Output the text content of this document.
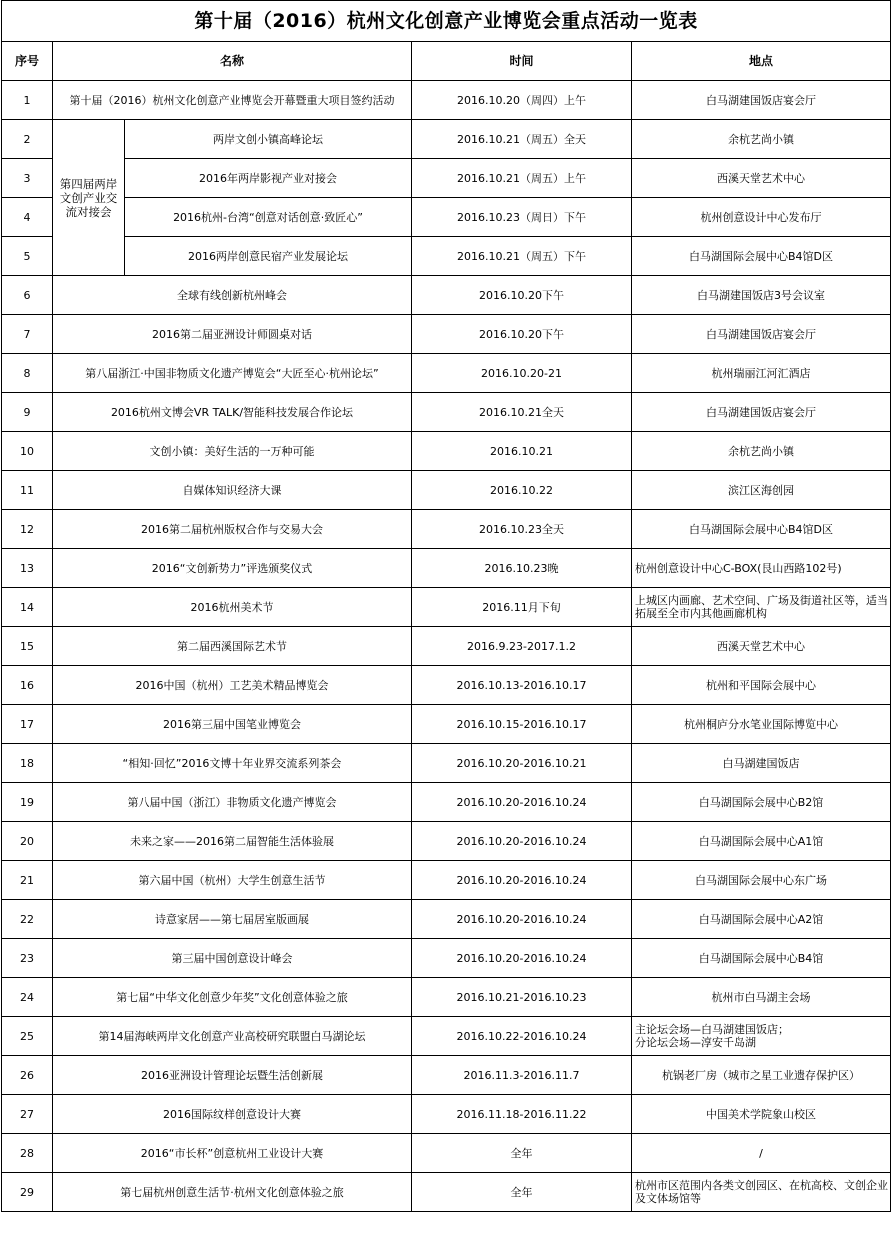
第十届（2016）杭州文化创意产业博览会重点活动一览表				
序号	名称		时间	地点
1	第十届（2016）杭州文化创意产业博览会开幕暨重大项目签约活动		2016.10.20（周四）上午	白马湖建国饭店宴会厅
2	第四届两岸文创产业交流对接会	两岸文创小镇高峰论坛	2016.10.21（周五）全天	余杭艺尚小镇
3		2016年两岸影视产业对接会	2016.10.21（周五）上午	西溪天堂艺术中心
4		2016杭州-台湾“创意对话创意·致匠心”	2016.10.23（周日）下午	杭州创意设计中心发布厅
5		2016两岸创意民宿产业发展论坛	2016.10.21（周五）下午	白马湖国际会展中心B4馆D区
6	全球有线创新杭州峰会		2016.10.20下午	白马湖建国饭店3号会议室
7	2016第二届亚洲设计师圆桌对话		2016.10.20下午	白马湖建国饭店宴会厅
8	第八届浙江·中国非物质文化遗产博览会“大匠至心·杭州论坛”		2016.10.20-21	杭州瑞丽江河汇酒店
9	2016杭州文博会VR TALK/智能科技发展合作论坛		2016.10.21全天	白马湖建国饭店宴会厅
10	文创小镇：美好生活的一万种可能		2016.10.21	余杭艺尚小镇
11	自媒体知识经济大课		2016.10.22	滨江区海创园
12	2016第二届杭州版权合作与交易大会		2016.10.23全天	白马湖国际会展中心B4馆D区
13	2016“文创新势力”评选颁奖仪式		2016.10.23晚	杭州创意设计中心C-BOX(艮山西路102号)
14	2016杭州美术节		2016.11月下旬	上城区内画廊、艺术空间、广场及街道社区等，适当拓展至全市内其他画廊机构
15	第二届西溪国际艺术节		2016.9.23-2017.1.2	西溪天堂艺术中心
16	2016中国（杭州）工艺美术精品博览会		2016.10.13-2016.10.17	杭州和平国际会展中心
17	2016第三届中国笔业博览会		2016.10.15-2016.10.17	杭州桐庐分水笔业国际博览中心
18	“相知·回忆”2016文博十年业界交流系列茶会		2016.10.20-2016.10.21	白马湖建国饭店
19	第八届中国（浙江）非物质文化遗产博览会		2016.10.20-2016.10.24	白马湖国际会展中心B2馆
20	未来之家——2016第二届智能生活体验展		2016.10.20-2016.10.24	白马湖国际会展中心A1馆
21	第六届中国（杭州）大学生创意生活节		2016.10.20-2016.10.24	白马湖国际会展中心东广场
22	诗意家居——第七届居室版画展		2016.10.20-2016.10.24	白马湖国际会展中心A2馆
23	第三届中国创意设计峰会		2016.10.20-2016.10.24	白马湖国际会展中心B4馆
24	第七届“中华文化创意少年奖”文化创意体验之旅		2016.10.21-2016.10.23	杭州市白马湖主会场
25	第14届海峡两岸文化创意产业高校研究联盟白马湖论坛		2016.10.22-2016.10.24	主论坛会场—白马湖建国饭店；
分论坛会场—淳安千岛湖
26	2016亚洲设计管理论坛暨生活创新展		2016.11.3-2016.11.7	杭锅老厂房（城市之星工业遗存保护区）
27	2016国际纹样创意设计大赛		2016.11.18-2016.11.22	中国美术学院象山校区
28	2016“市长杯”创意杭州工业设计大赛		全年	/
29	第七届杭州创意生活节·杭州文化创意体验之旅		全年	杭州市区范围内各类文创园区、在杭高校、文创企业及文体场馆等
